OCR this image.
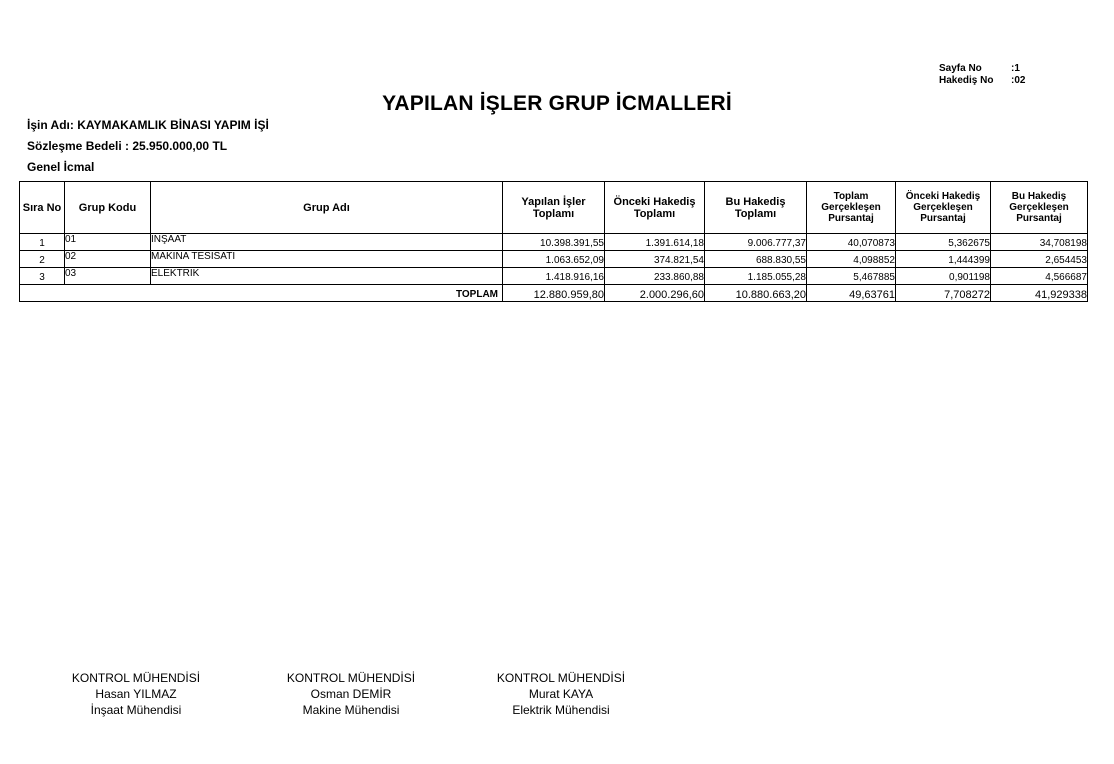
Sayfa No	:1
Hakediş No	:02
YAPILAN İŞLER GRUP İCMALLERİ
İşin Adı: KAYMAKAMLIK BİNASI YAPIM İŞİ
Sözleşme Bedeli : 25.950.000,00 TL
Genel İcmal
Sıra No	Grup Kodu	Grup Adı	Yapılan İşler Toplamı	Önceki Hakediş Toplamı	Bu Hakediş Toplamı	Toplam Gerçekleşen Pursantaj	Önceki Hakediş Gerçekleşen Pursantaj	Bu Hakediş Gerçekleşen Pursantaj
1	01	INŞAAT	10.398.391,55	1.391.614,18	9.006.777,37	40,070873	5,362675	34,708198
2	02	MAKINA TESISATI	1.063.652,09	374.821,54	688.830,55	4,098852	1,444399	2,654453
3	03	ELEKTRIK	1.418.916,16	233.860,88	1.185.055,28	5,467885	0,901198	4,566687
TOPLAM			12.880.959,80	2.000.296,60	10.880.663,20	49,63761	7,708272	41,929338
KONTROL MÜHENDİSİ
Hasan YILMAZ
İnşaat Mühendisi
KONTROL MÜHENDİSİ
Osman DEMİR
Makine Mühendisi
KONTROL MÜHENDİSİ
Murat KAYA
Elektrik Mühendisi
